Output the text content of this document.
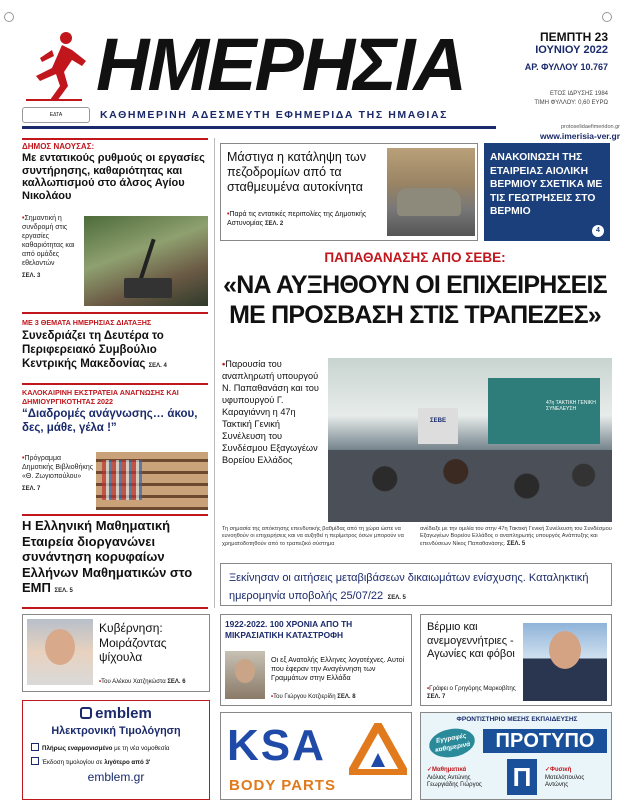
ΗΜΕΡΗΣΙΑ	ΠΕΜΠΤΗ 23
ΙΟΥΝΙΟΥ 2022
ΑΡ. ΦΥΛΛΟΥ 10.767
ΕΤΟΣ ΙΔΡΥΣΗΣ 1984
ΤΙΜΗ ΦΥΛΛΟΥ: 0,60 ΕΥΡΩ
ΕΔΤΑ	ΚΑΘΗΜΕΡΙΝΗ ΑΔΕΣΜΕΥΤΗ ΕΦΗΜΕΡΙΔΑ ΤΗΣ ΗΜΑΘΙΑΣ
protoselidaefimeridon.gr
www.imerisia-ver.gr
ΔΗΜΟΣ ΝΑΟΥΣΑΣ:
Με εντατικούς ρυθμούς οι εργασίες συντήρησης, καθαριότητας και καλλωπισμού στο άλσος Αγίου Νικολάου
•Σημαντική η συνδρομή στις εργασίες καθαριότητας και από ομάδες εθελοντών
ΣΕΛ. 3
ΜΕ 3 ΘΕΜΑΤΑ ΗΜΕΡΗΣΙΑΣ ΔΙΑΤΑΞΗΣ
Συνεδριάζει τη Δευτέρα το Περιφερειακό Συμβούλιο Κεντρικής Μακεδονίας ΣΕΛ. 4
ΚΑΛΟΚΑΙΡΙΝΗ ΕΚΣΤΡΑΤΕΙΑ ΑΝΑΓΝΩΣΗΣ ΚΑΙ ΔΗΜΙΟΥΡΓΙΚΟΤΗΤΑΣ 2022
“Διαδρομές ανάγνωσης… άκου, δες, μάθε, γέλα !”
•Πρόγραμμα Δημοτικής Βιβλιοθήκης «Θ. Ζωγιοπούλου»
ΣΕΛ. 7
Η Ελληνική Μαθηματική Εταιρεία διοργανώνει συνάντηση κορυφαίων Ελλήνων Μαθηματικών στο ΕΜΠ ΣΕΛ. 5
Μάστιγα η κατάληψη των πεζοδρομίων από τα σταθμευμένα αυτοκίνητα
•Παρά τις εντατικές περιπολίες της Δημοτικής Αστυνομίας ΣΕΛ. 2
ΑΝΑΚΟΙΝΩΣΗ ΤΗΣ ΕΤΑΙΡΕΙΑΣ ΑΙΟΛΙΚΗ ΒΕΡΜΙΟΥ ΣΧΕΤΙΚΑ ΜΕ ΤΙΣ ΓΕΩΤΡΗΣΕΙΣ ΣΤΟ ΒΕΡΜΙΟ
4
ΠΑΠΑΘΑΝΑΣΗΣ ΑΠΟ ΣΕΒΕ:
«ΝΑ ΑΥΞΗΘΟΥΝ ΟΙ ΕΠΙΧΕΙΡΗΣΕΙΣ ΜΕ ΠΡΟΣΒΑΣΗ ΣΤΙΣ ΤΡΑΠΕΖΕΣ»
•Παρουσία του αναπληρωτή υπουργού Ν. Παπαθανάση και του υφυπουργού Γ. Καραγιάννη η 47η Τακτική Γενική Συνέλευση του Συνδέσμου Εξαγωγέων Βορείου Ελλάδος
47η ΤΑΚΤΙΚΗ ΓΕΝΙΚΗ ΣΥΝΕΛΕΥΣΗ
ΣΕΒΕ
Τη σημασία της απόκτησης επενδυτικής βαθμίδας από τη χώρα ώστε να ευνοηθούν οι επιχειρήσεις και να αυξηθεί η περίμετρος όσων μπορούν να χρηματοδοτηθούν από το τραπεζικό σύστημα
ανέδειξε με την ομιλία του στην 47η Τακτική Γενική Συνέλευση του Συνδέσμου Εξαγωγέων Βορείου Ελλάδος ο αναπληρωτής υπουργός Ανάπτυξης και επενδύσεων Νίκος Παπαθανάσης. ΣΕΛ. 5
Ξεκίνησαν οι αιτήσεις μεταβιβάσεων δικαιωμάτων ενίσχυσης. Καταληκτική ημερομηνία υποβολής 25/07/22 ΣΕΛ. 5
Κυβέρνηση: Μοιράζοντας ψίχουλα
•Του Αλέκου Χατζηκώστα ΣΕΛ. 6
1922-2022. 100 ΧΡΟΝΙΑ ΑΠΟ ΤΗ ΜΙΚΡΑΣΙΑΤΙΚΗ ΚΑΤΑΣΤΡΟΦΗ
Οι εξ Ανατολής Ελληνες λογοτέχνες. Αυτοί που έφεραν την Αναγέννηση των Γραμμάτων στην Ελλάδα
•Του Γιώργου Κοτζιερίδη ΣΕΛ. 8
Βέρμιο και ανεμογεννήτριες - Αγωνίες και φόβοι
•Γράφει ο Γρηγόρης Μαρκοβίτης ΣΕΛ. 7
emblem
Ηλεκτρονική Τιμολόγηση
Πλήρως εναρμονισμένο με τη νέα νομοθεσία
Έκδοση τιμολογίου σε λιγότερο από 3'
emblem.gr
KSA
BODY PARTS
ΦΡΟΝΤΙΣΤΗΡΙΟ ΜΕΣΗΣ ΕΚΠΑΙΔΕΥΣΗΣ
Εγγραφές καθημερινά	ΠΡΟΤΥΠΟ
✓Μαθηματικά
Λιόλιος Αντώνης
Γεωργιάδης Γιώργος	Π	✓Φυσική
Μοτελόπουλος
Αντώνης
